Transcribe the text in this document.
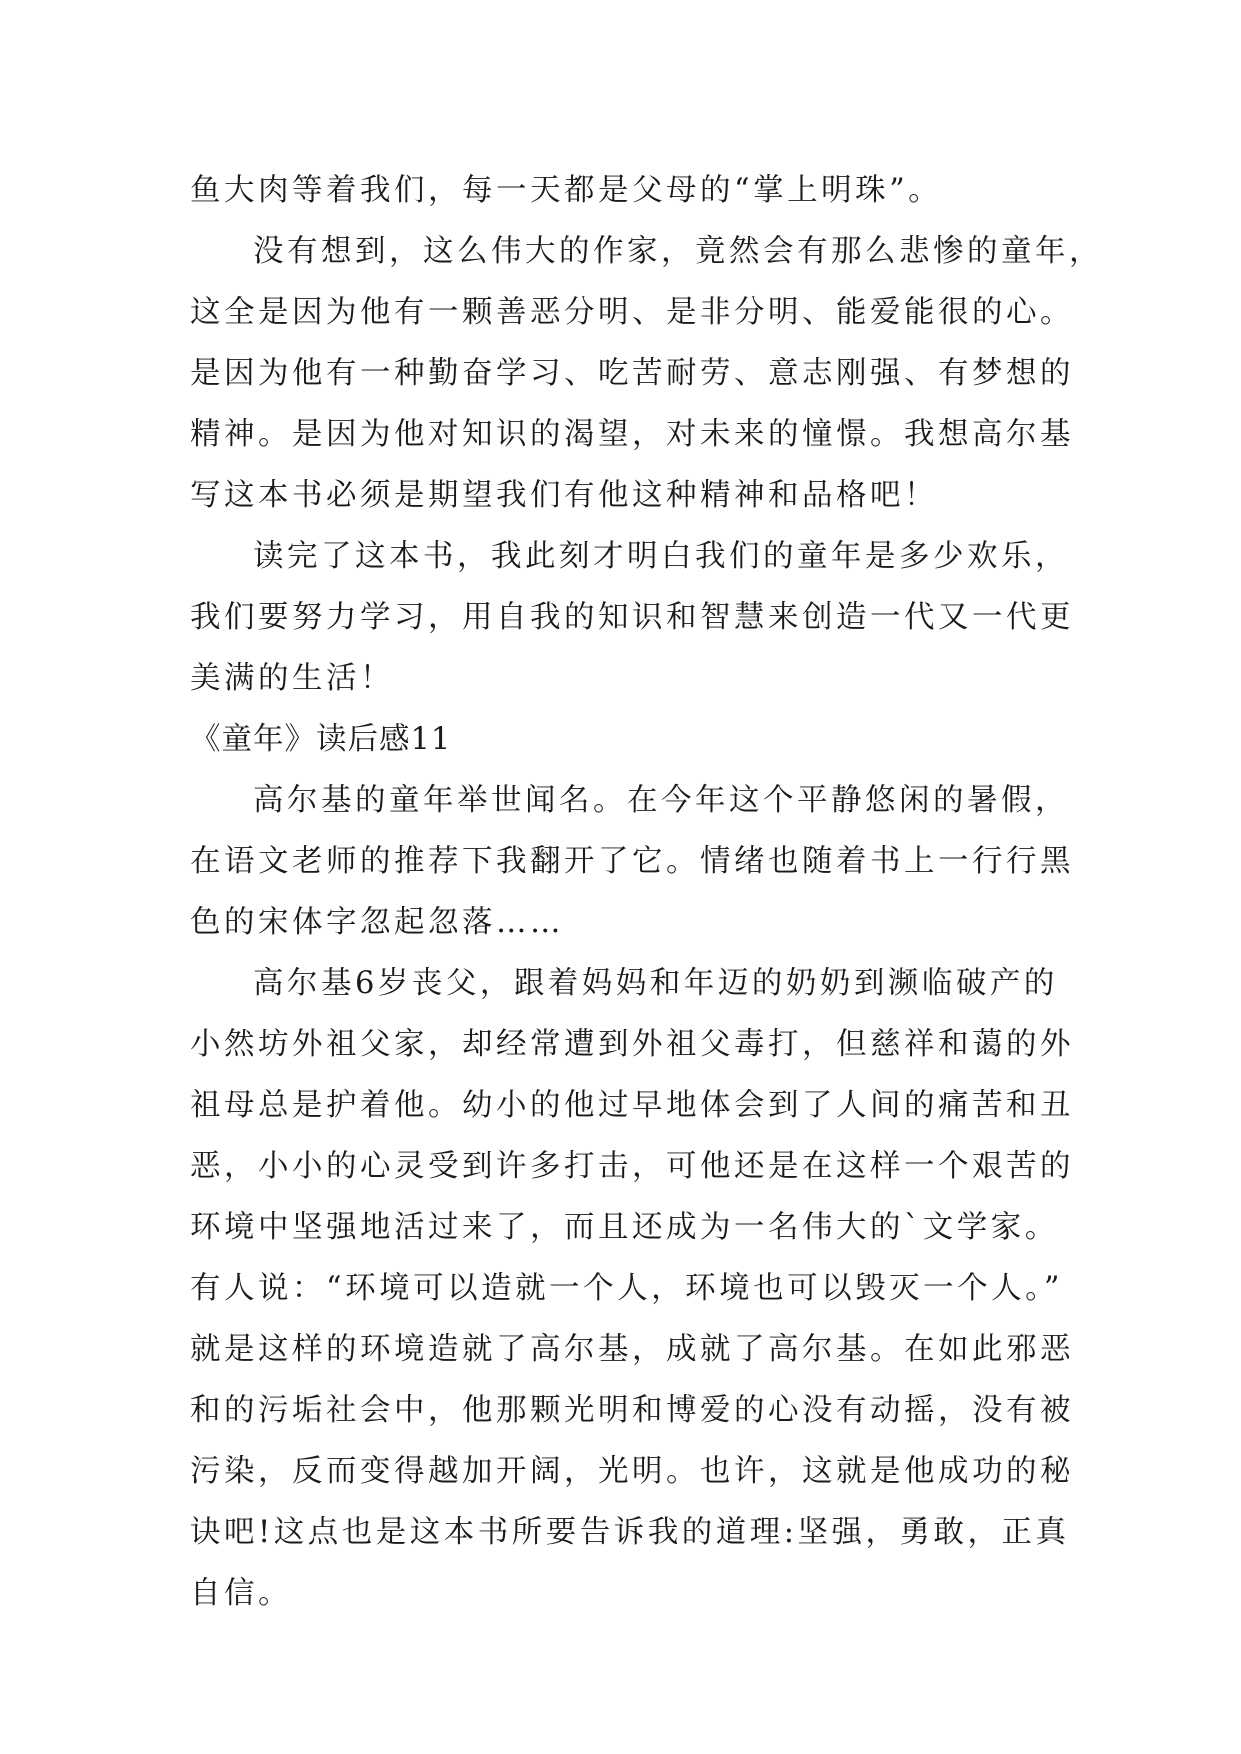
鱼大肉等着我们，每一天都是父母的“掌上明珠”。
没有想到，这么伟大的作家，竟然会有那么悲惨的童年，
这全是因为他有一颗善恶分明、是非分明、能爱能很的心。
是因为他有一种勤奋学习、吃苦耐劳、意志刚强、有梦想的
精神。是因为他对知识的渴望，对未来的憧憬。我想高尔基
写这本书必须是期望我们有他这种精神和品格吧！
读完了这本书，我此刻才明白我们的童年是多少欢乐，
我们要努力学习，用自我的知识和智慧来创造一代又一代更
美满的生活！
《童年》读后感11
高尔基的童年举世闻名。在今年这个平静悠闲的暑假，
在语文老师的推荐下我翻开了它。情绪也随着书上一行行黑
色的宋体字忽起忽落……
高尔基6岁丧父，跟着妈妈和年迈的奶奶到濒临破产的
小然坊外祖父家，却经常遭到外祖父毒打，但慈祥和蔼的外
祖母总是护着他。幼小的他过早地体会到了人间的痛苦和丑
恶，小小的心灵受到许多打击，可他还是在这样一个艰苦的
环境中坚强地活过来了，而且还成为一名伟大的`文学家。
有人说：“环境可以造就一个人，环境也可以毁灭一个人。”
就是这样的环境造就了高尔基，成就了高尔基。在如此邪恶
和的污垢社会中，他那颗光明和博爱的心没有动摇，没有被
污染，反而变得越加开阔，光明。也许，这就是他成功的秘
诀吧!这点也是这本书所要告诉我的道理:坚强，勇敢，正真
自信。
